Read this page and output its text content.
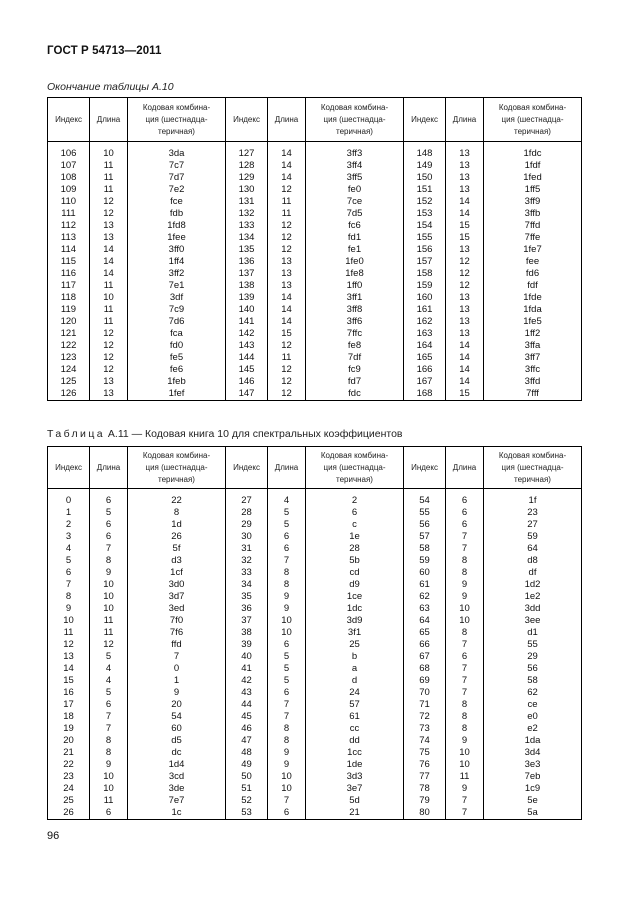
ГОСТ Р 54713—2011
Окончание таблицы А.10
Индекс	Длина	Кодовая комбина-
ция (шестнадца-
теричная)	Индекс	Длина	Кодовая комбина-
ция (шестнадца-
теричная)	Индекс	Длина	Кодовая комбина-
ция (шестнадца-
теричная)

106	10	3da	127	14	3ff3	148	13	1fdc
107	11	7c7	128	14	3ff4	149	13	1fdf
108	11	7d7	129	14	3ff5	150	13	1fed
109	11	7e2	130	12	fe0	151	13	1ff5
110	12	fce	131	11	7ce	152	14	3ff9
111	12	fdb	132	11	7d5	153	14	3ffb
112	13	1fd8	133	12	fc6	154	15	7ffd
113	13	1fee	134	12	fd1	155	15	7ffe
114	14	3ff0	135	12	fe1	156	13	1fe7
115	14	1ff4	136	13	1fe0	157	12	fee
116	14	3ff2	137	13	1fe8	158	12	fd6
117	11	7e1	138	13	1ff0	159	12	fdf
118	10	3df	139	14	3ff1	160	13	1fde
119	11	7c9	140	14	3ff8	161	13	1fda
120	11	7d6	141	14	3ff6	162	13	1fe5
121	12	fca	142	15	7ffc	163	13	1ff2
122	12	fd0	143	12	fe8	164	14	3ffa
123	12	fe5	144	11	7df	165	14	3ff7
124	12	fe6	145	12	fc9	166	14	3ffc
125	13	1feb	146	12	fd7	167	14	3ffd
126	13	1fef	147	12	fdc	168	15	7fff
Таблица А.11 — Кодовая книга 10 для спектральных коэффициентов
Индекс	Длина	Кодовая комбина-
ция (шестнадца-
теричная)	Индекс	Длина	Кодовая комбина-
ция (шестнадца-
теричная)	Индекс	Длина	Кодовая комбина-
ция (шестнадца-
теричная)

0	6	22	27	4	2	54	6	1f
1	5	8	28	5	6	55	6	23
2	6	1d	29	5	c	56	6	27
3	6	26	30	6	1e	57	7	59
4	7	5f	31	6	28	58	7	64
5	8	d3	32	7	5b	59	8	d8
6	9	1cf	33	8	cd	60	8	df
7	10	3d0	34	8	d9	61	9	1d2
8	10	3d7	35	9	1ce	62	9	1e2
9	10	3ed	36	9	1dc	63	10	3dd
10	11	7f0	37	10	3d9	64	10	3ee
11	11	7f6	38	10	3f1	65	8	d1
12	12	ffd	39	6	25	66	7	55
13	5	7	40	5	b	67	6	29
14	4	0	41	5	a	68	7	56
15	4	1	42	5	d	69	7	58
16	5	9	43	6	24	70	7	62
17	6	20	44	7	57	71	8	ce
18	7	54	45	7	61	72	8	e0
19	7	60	46	8	cc	73	8	e2
20	8	d5	47	8	dd	74	9	1da
21	8	dc	48	9	1cc	75	10	3d4
22	9	1d4	49	9	1de	76	10	3e3
23	10	3cd	50	10	3d3	77	11	7eb
24	10	3de	51	10	3e7	78	9	1c9
25	11	7e7	52	7	5d	79	7	5e
26	6	1c	53	6	21	80	7	5a
96
